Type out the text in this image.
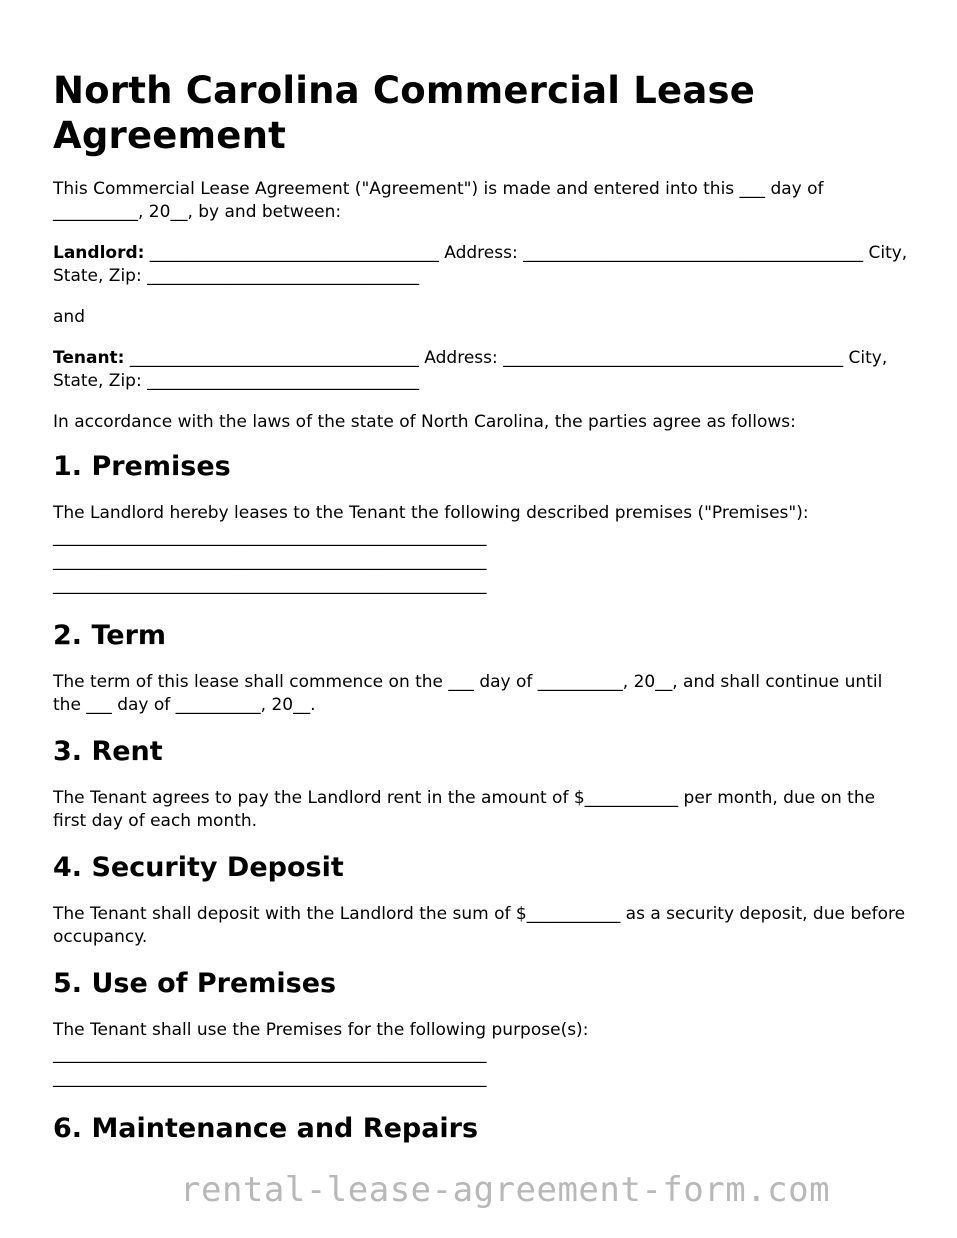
North Carolina Commercial Lease Agreement

This Commercial Lease Agreement ("Agreement") is made and entered into this ___ day of __________, 20__, by and between:

Landlord: __________________________________ Address: ________________________________________ City, State, Zip: ________________________________

and

Tenant: __________________________________ Address: ________________________________________ City, State, Zip: ________________________________

In accordance with the laws of the state of North Carolina, the parties agree as follows:

1. Premises

The Landlord hereby leases to the Tenant the following described premises ("Premises"):

___________________________________________________
___________________________________________________
___________________________________________________
2. Term

The term of this lease shall commence on the ___ day of __________, 20__, and shall continue until the ___ day of __________, 20__.

3. Rent

The Tenant agrees to pay the Landlord rent in the amount of $___________ per month, due on the first day of each month.

4. Security Deposit

The Tenant shall deposit with the Landlord the sum of $___________ as a security deposit, due before occupancy.

5. Use of Premises

The Tenant shall use the Premises for the following purpose(s):

___________________________________________________
___________________________________________________
6. Maintenance and Repairs
rental-lease-agreement-form.com
